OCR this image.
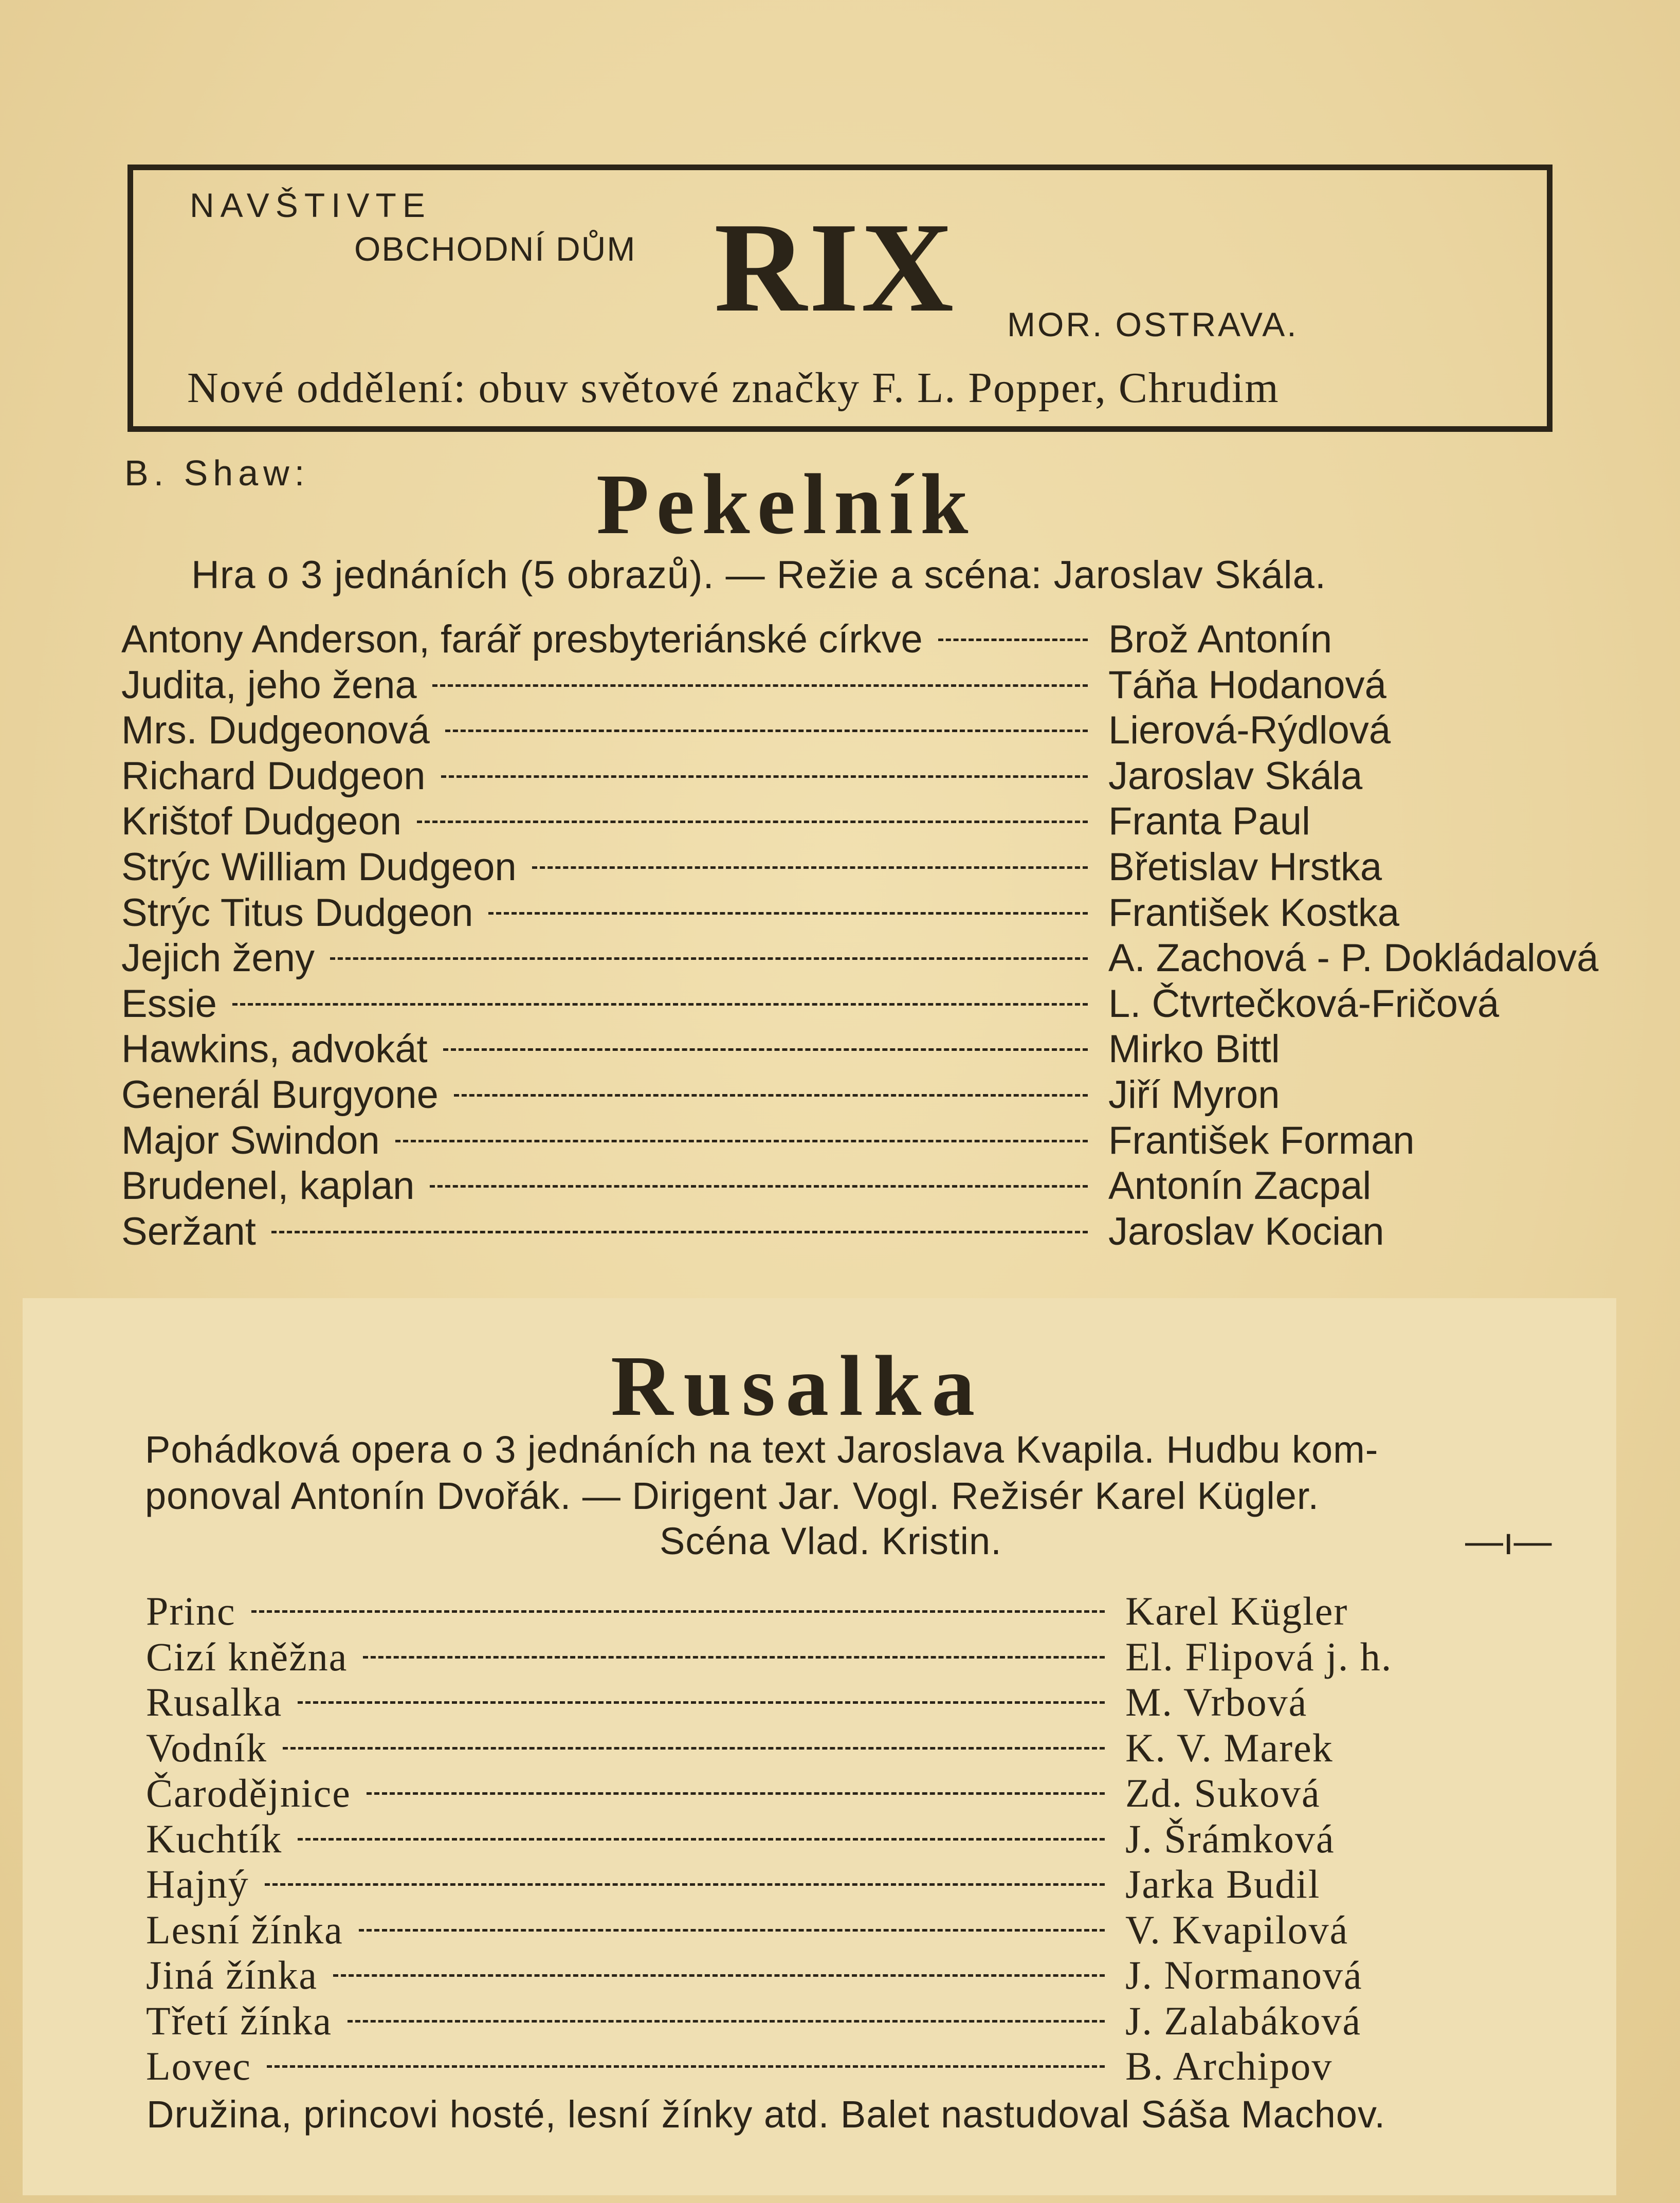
NAVŠTIVTE
OBCHODNÍ DŮM RIX MOR. OSTRAVA.
Nové oddělení: obuv světové značky F. L. Popper, Chrudim
B. Shaw:	Pekelník
Hra o 3 jednáních (5 obrazů). — Režie a scéna: Jaroslav Skála.
Antony Anderson, farář presbyteriánské církve	Brož Antonín
Judita, jeho žena	Táňa Hodanová
Mrs. Dudgeonová	Lierová-Rýdlová
Richard Dudgeon	Jaroslav Skála
Krištof Dudgeon	Franta Paul
Strýc William Dudgeon	Břetislav Hrstka
Strýc Titus Dudgeon	František Kostka
Jejich ženy	A. Zachová - P. Dokládalová
Essie	L. Čtvrtečková-Fričová
Hawkins, advokát	Mirko Bittl
Generál Burgyone	Jiří Myron
Major Swindon	František Forman
Brudenel, kaplan	Antonín Zacpal
Seržant	Jaroslav Kocian
Rusalka
Pohádková opera o 3 jednáních na text Jaroslava Kvapila. Hudbu kom-
ponoval Antonín Dvořák. — Dirigent Jar. Vogl. Režisér Karel Kügler.
Scéna Vlad. Kristin.	—ı—
Princ	Karel Kügler
Cizí kněžna	El. Flipová j. h.
Rusalka	M. Vrbová
Vodník	K. V. Marek
Čarodějnice	Zd. Suková
Kuchtík	J. Šrámková
Hajný	Jarka Budil
Lesní žínka	V. Kvapilová
Jiná žínka	J. Normanová
Třetí žínka	J. Zalabáková
Lovec	B. Archipov
Družina, princovi hosté, lesní žínky atd. Balet nastudoval Sáša Machov.
